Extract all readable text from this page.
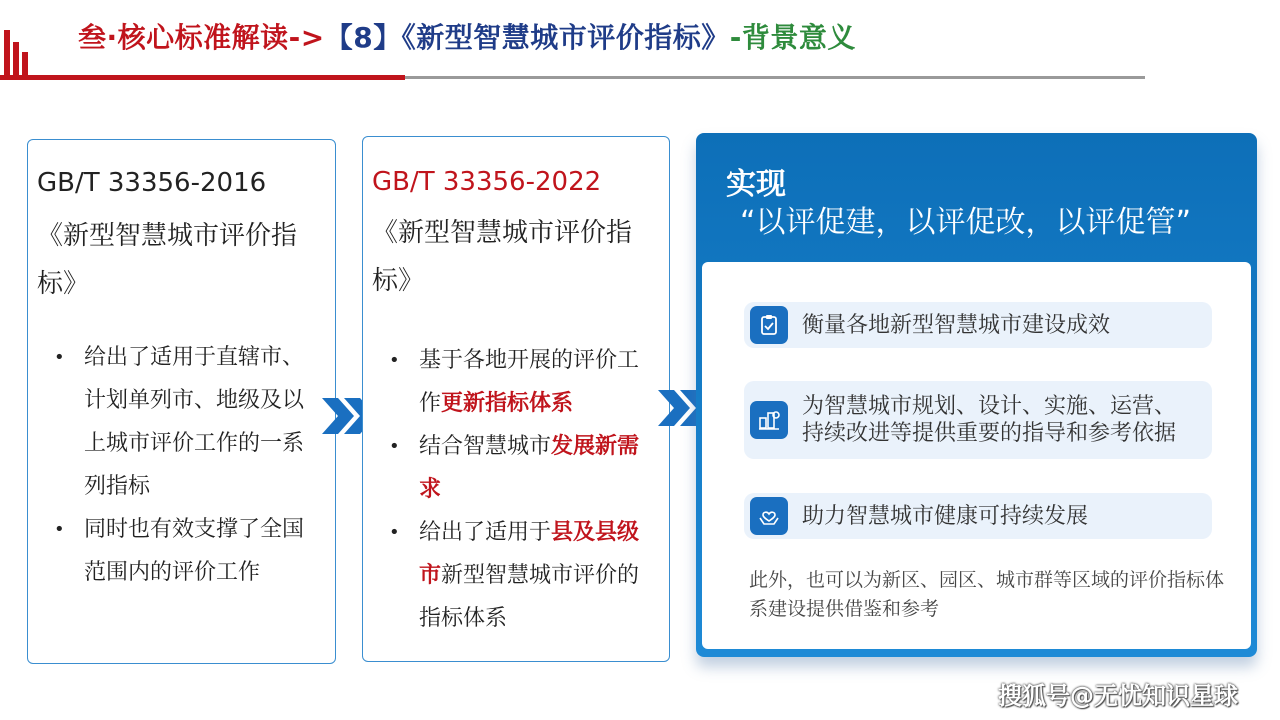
叁·核心标准解读->【8】《新型智慧城市评价指标》-背景意义
GB/T 33356-2016
《新型智慧城市评价指标》
• 给出了适用于直辖市、计划单列市、地级及以上城市评价工作的一系列指标
• 同时也有效支撑了全国范围内的评价工作
GB/T 33356-2022
《新型智慧城市评价指标》
• 基于各地开展的评价工作更新指标体系
• 结合智慧城市发展新需求
• 给出了适用于县及县级市新型智慧城市评价的指标体系
实现
“以评促建，以评促改，以评促管”
衡量各地新型智慧城市建设成效
为智慧城市规划、设计、实施、运营、持续改进等提供重要的指导和参考依据
助力智慧城市健康可持续发展
此外，也可以为新区、园区、城市群等区域的评价指标体系建设提供借鉴和参考
搜狐号@无忧知识星球
